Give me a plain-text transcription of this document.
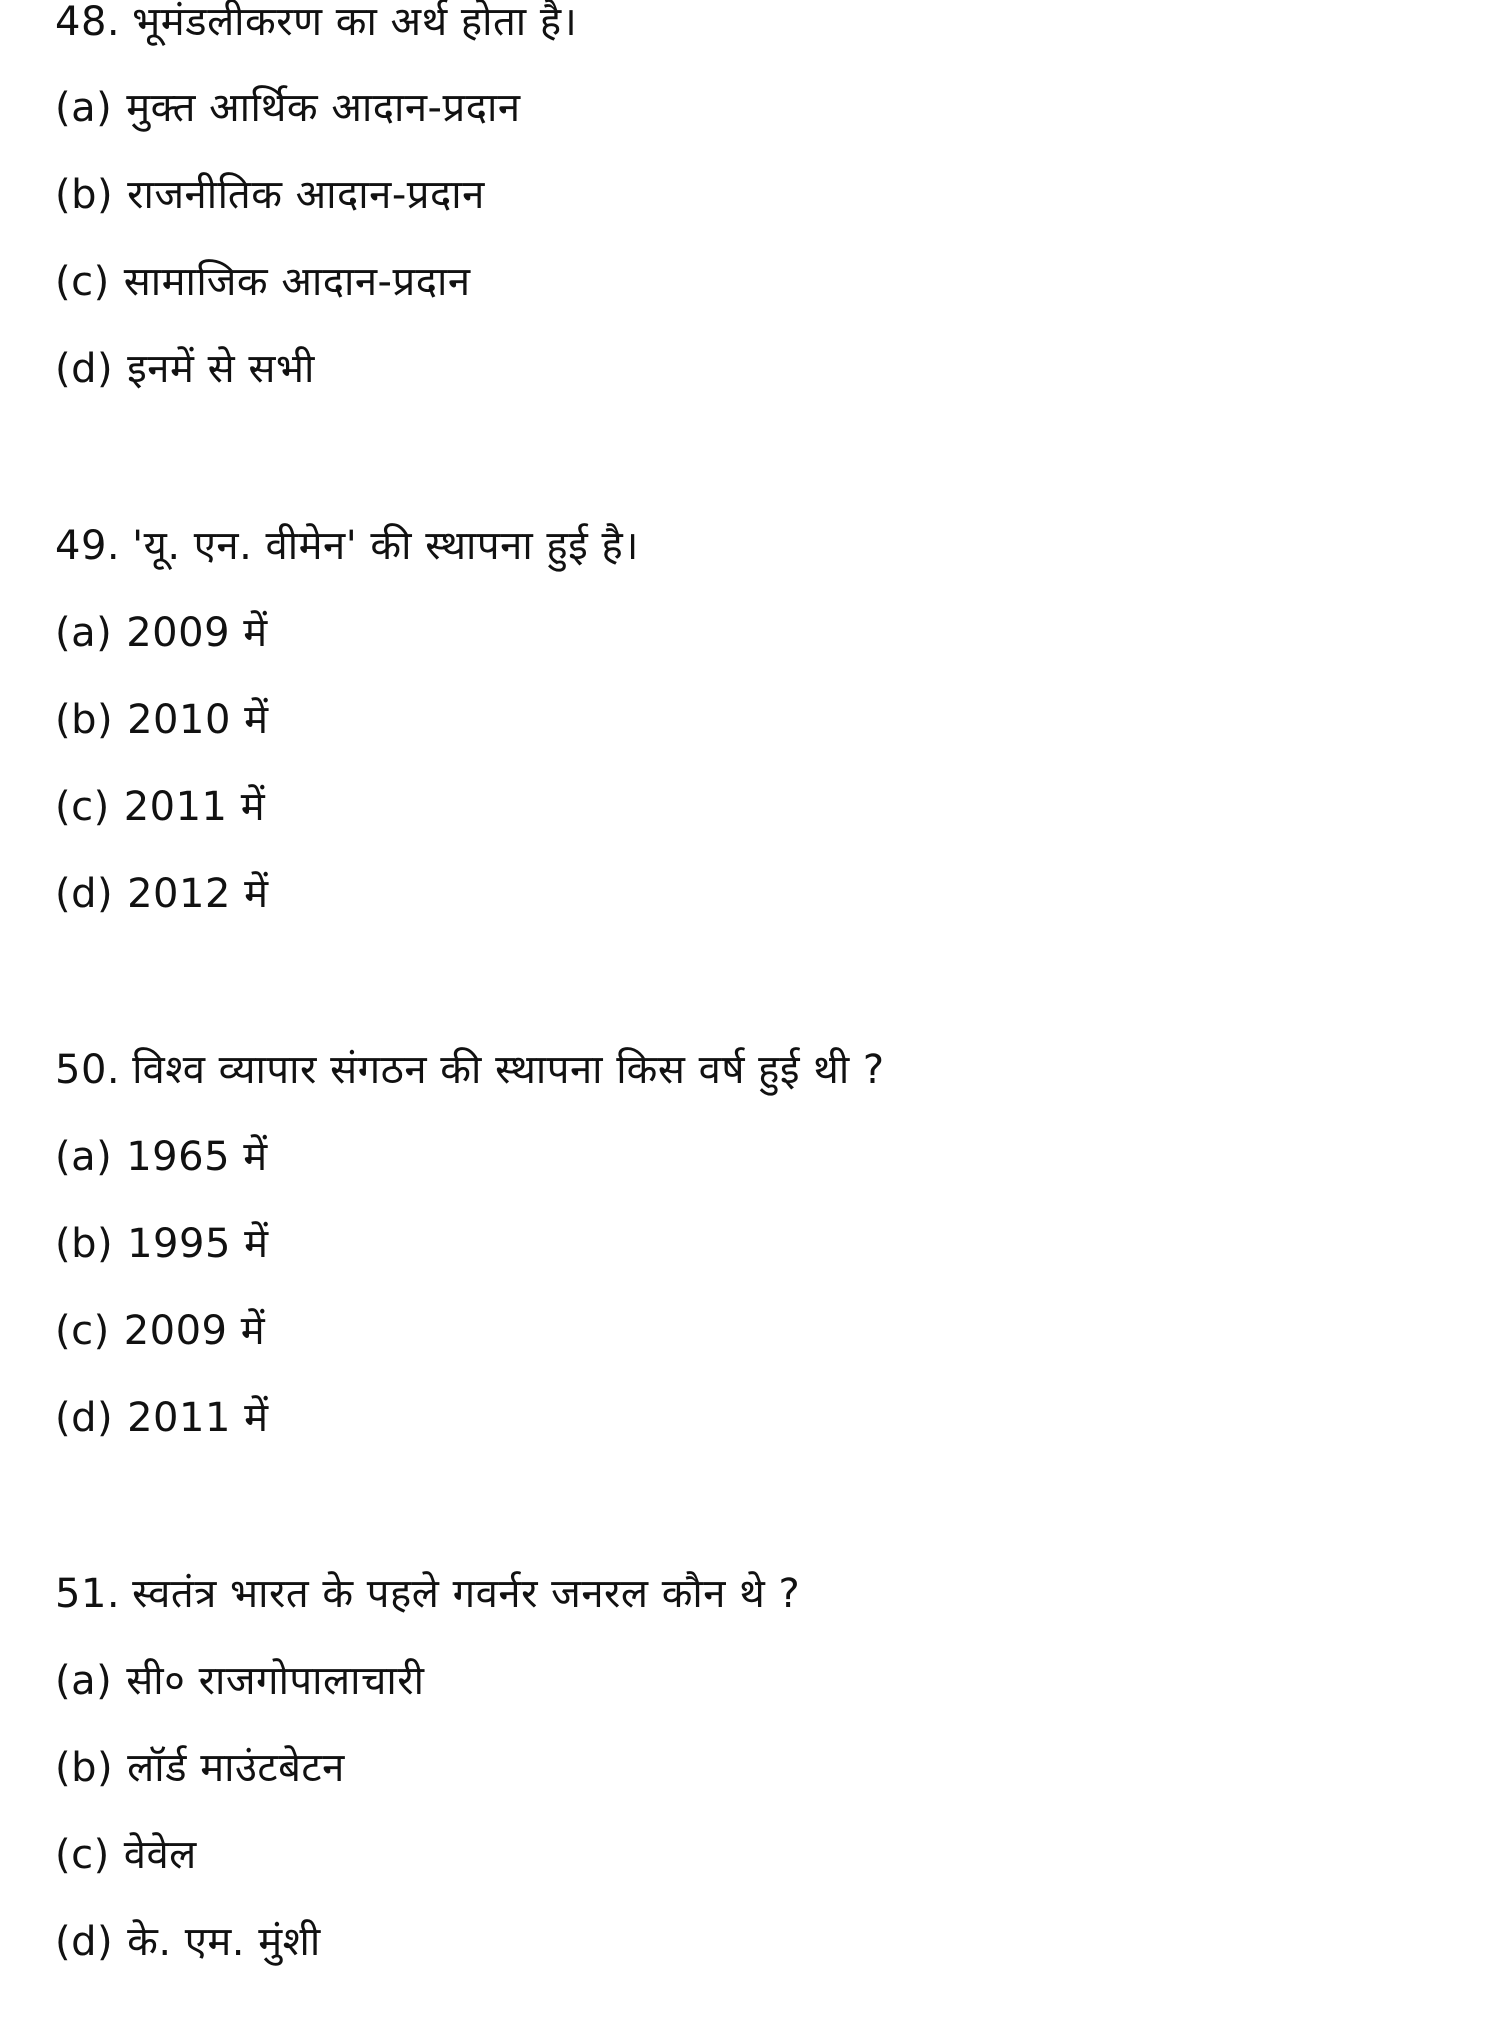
48. भूमंडलीकरण का अर्थ होता है।
(a) मुक्त आर्थिक आदान-प्रदान
(b) राजनीतिक आदान-प्रदान
(c) सामाजिक आदान-प्रदान
(d) इनमें से सभी
49. 'यू. एन. वीमेन' की स्थापना हुई है।
(a) 2009 में
(b) 2010 में
(c) 2011 में
(d) 2012 में
50. विश्व व्यापार संगठन की स्थापना किस वर्ष हुई थी ?
(a) 1965 में
(b) 1995 में
(c) 2009 में
(d) 2011 में
51. स्वतंत्र भारत के पहले गवर्नर जनरल कौन थे ?
(a) सी० राजगोपालाचारी
(b) लॉर्ड माउंटबेटन
(c) वेवेल
(d) के. एम. मुंशी
